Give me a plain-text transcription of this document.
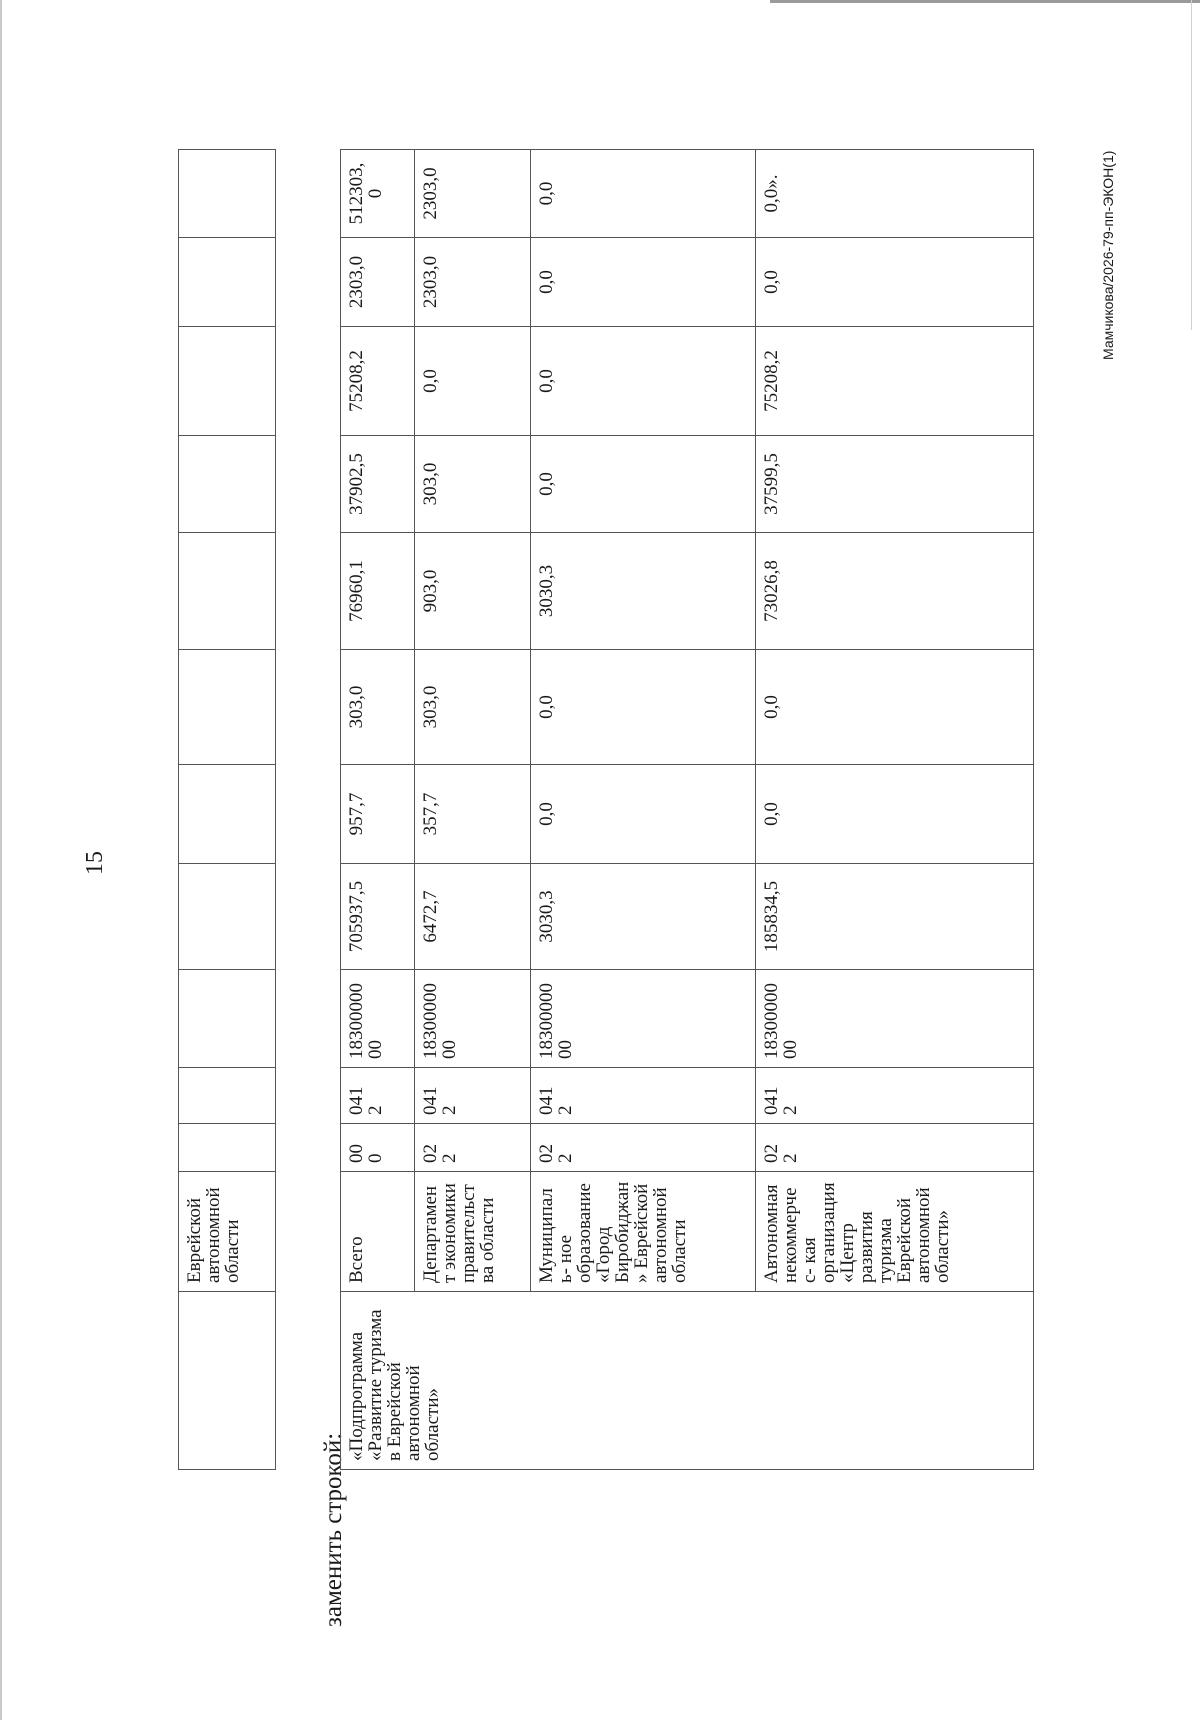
15
	Еврейской автономной области											
заменить строкой:
«Подпрограмма «Развитие туризма в Еврейской автономной области»	Всего	00 0	041 2	18300000 00	705937,5	957,7	303,0	76960,1	37902,5	75208,2	2303,0	512303,0
	Департамент экономики правительства области	02 2	041 2	18300000 00	6472,7	357,7	303,0	903,0	303,0	0,0	2303,0	2303,0
	Муниципаль- ное образование «Город Биробиджан» Еврейской автономной области	02 2	041 2	18300000 00	3030,3	0,0	0,0	3030,3	0,0	0,0	0,0	0,0
	Автономная некоммерчес- кая организация «Центр развития туризма Еврейской автономной области»	02 2	041 2	18300000 00	185834,5	0,0	0,0	73026,8	37599,5	75208,2	0,0	0,0».	Мамчикова/2026-79-пп-ЭКОН(1)
